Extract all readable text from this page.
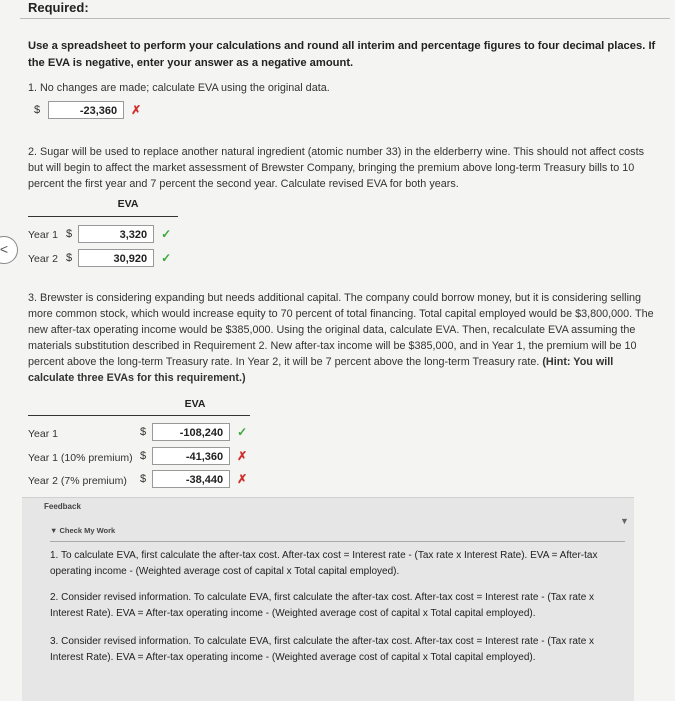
Required:
Use a spreadsheet to perform your calculations and round all interim and percentage figures to four decimal places. If the EVA is negative, enter your answer as a negative amount.
1. No changes are made; calculate EVA using the original data.
$	-23,360	✗
2. Sugar will be used to replace another natural ingredient (atomic number 33) in the elderberry wine. This should not affect costs but will begin to affect the market assessment of Brewster Company, bringing the premium above long-term Treasury bills to 10 percent the first year and 7 percent the second year. Calculate revised EVA for both years.
EVA
<
Year 1 $	3,320	✓
Year 2 $	30,920	✓
3. Brewster is considering expanding but needs additional capital. The company could borrow money, but it is considering selling more common stock, which would increase equity to 70 percent of total financing. Total capital employed would be $3,800,000. The new after-tax operating income would be $385,000. Using the original data, calculate EVA. Then, recalculate EVA assuming the materials substitution described in Requirement 2. New after-tax income will be $385,000, and in Year 1, the premium will be 10 percent above the long-term Treasury rate. In Year 2, it will be 7 percent above the long-term Treasury rate. (Hint: You will calculate three EVAs for this requirement.)
EVA
Year 1	$	-108,240	✓
Year 1 (10% premium) $	-41,360	✗
Year 2 (7% premium) $	-38,440	✗
Feedback
▼
▼ Check My Work
1. To calculate EVA, first calculate the after-tax cost. After-tax cost = Interest rate - (Tax rate x Interest Rate). EVA = After-tax operating income - (Weighted average cost of capital x Total capital employed).
2. Consider revised information. To calculate EVA, first calculate the after-tax cost. After-tax cost = Interest rate - (Tax rate x Interest Rate). EVA = After-tax operating income - (Weighted average cost of capital x Total capital employed).
3. Consider revised information. To calculate EVA, first calculate the after-tax cost. After-tax cost = Interest rate - (Tax rate x Interest Rate). EVA = After-tax operating income - (Weighted average cost of capital x Total capital employed).
